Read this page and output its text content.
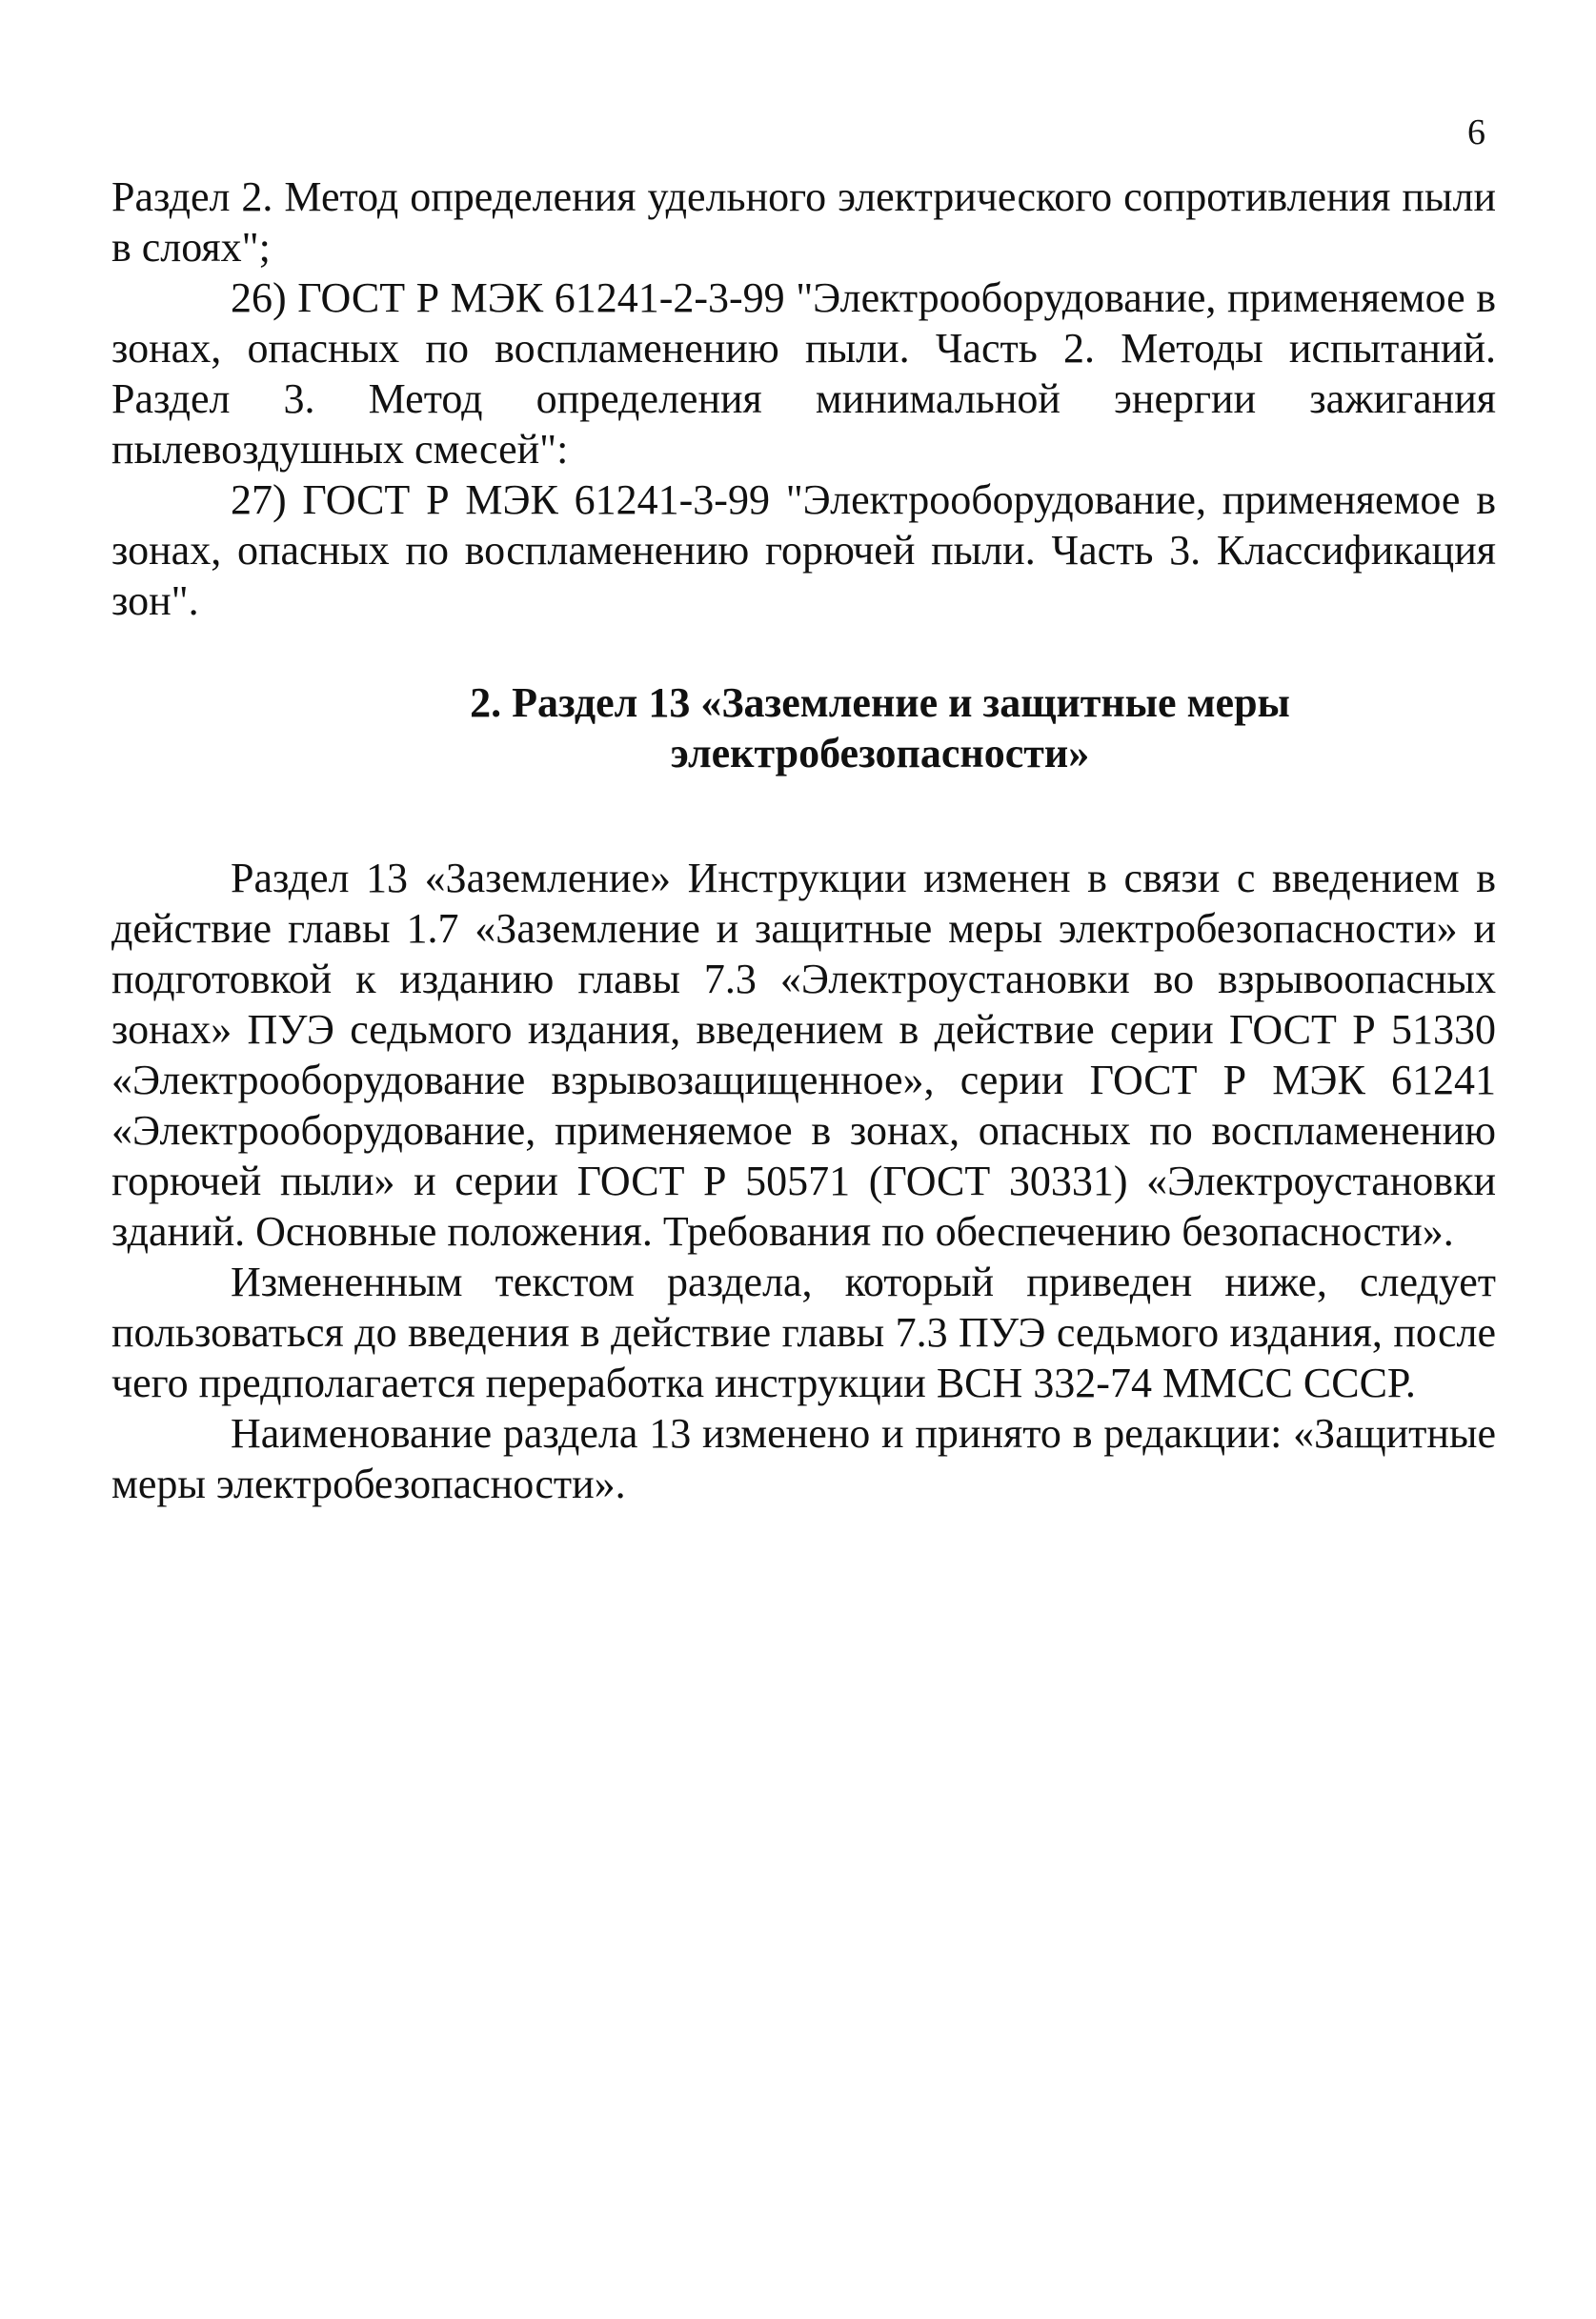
6

Раздел 2. Метод определения удельного электрического сопротивления пыли в слоях";

26) ГОСТ Р МЭК 61241-2-3-99 "Электрооборудование, применяемое в зонах, опасных по воспламенению пыли. Часть 2. Методы испытаний. Раздел 3. Метод определения минимальной энергии зажигания пылевоздушных смесей":

27) ГОСТ Р МЭК 61241-3-99 "Электрооборудование, применяемое в зонах, опасных по воспламенению горючей пыли. Часть 3. Классификация зон".

2. Раздел 13 «Заземление и защитные меры электробезопасности»

Раздел 13 «Заземление» Инструкции изменен в связи с введением в действие главы 1.7 «Заземление и защитные меры электробезопасности» и подготовкой к изданию главы 7.3 «Электроустановки во взрывоопасных зонах» ПУЭ седьмого издания, введением в действие серии ГОСТ Р 51330 «Электрооборудование взрывозащищенное», серии ГОСТ Р МЭК 61241 «Электрооборудование, применяемое в зонах, опасных по воспламенению горючей пыли» и серии ГОСТ Р 50571 (ГОСТ 30331) «Электроустановки зданий. Основные положения. Требования по обеспечению безопасности».

Измененным текстом раздела, который приведен ниже, следует пользоваться до введения в действие главы 7.3 ПУЭ седьмого издания, после чего предполагается переработка инструкции ВСН 332-74 ММСС СССР.

Наименование раздела 13 изменено и принято в редакции: «Защитные меры электробезопасности».
